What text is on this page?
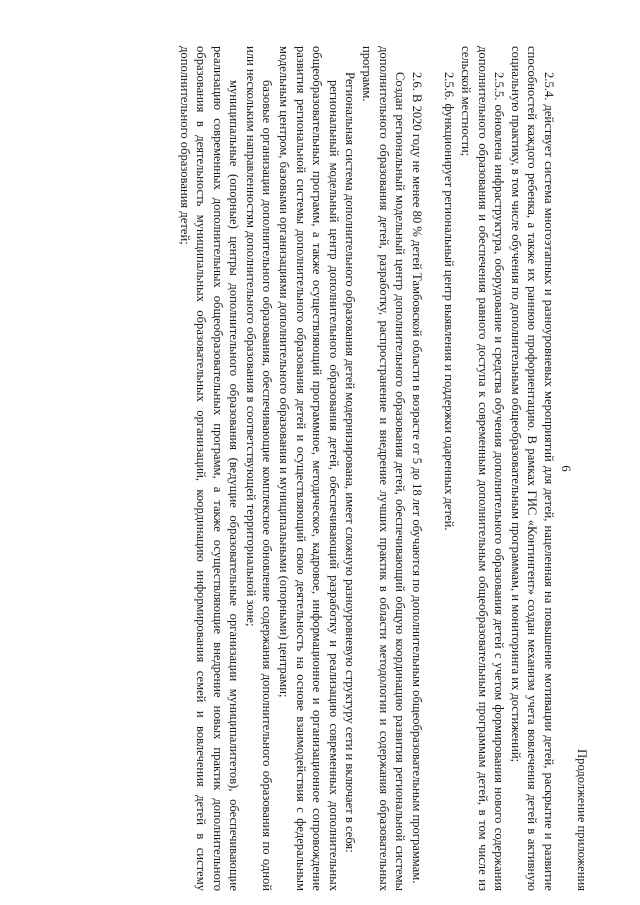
Продолжение приложения

6

2.5.4. действует система многоэтапных и разноуровневых мероприятий для детей, нацеленная на повышение мотивации детей, раскрытие и развитие способностей каждого ребенка, а также их раннюю профориентацию. В рамках ГИС «Контингент» создан механизм учета вовлечения детей в активную социальную практику, в том числе обучения по дополнительным общеобразовательным программам, и мониторинга их достижений;

2.5.5. обновлена инфраструктура, оборудование и средства обучения дополнительного образования детей с учетом формирования нового содержания дополнительного образования и обеспечения равного доступа к современным дополнительным общеобразовательным программам детей, в том числе из сельской местности;

2.5.6. функционирует региональный центр выявления и поддержки одаренных детей.

2.6. В 2020 году не менее 80 % детей Тамбовской области в возрасте от 5 до 18 лет обучаются по дополнительным общеобразовательным программам.

Создан региональный модельный центр дополнительного образования детей, обеспечивающий общую координацию развития региональной системы дополнительного образования детей, разработку, распространение и внедрение лучших практик в области методологии и содержания образовательных программ.

Региональная система дополнительного образования детей модернизирована, имеет сложную разноуровневую структуру сети и включает в себя:

региональный модельный центр дополнительного образования детей, обеспечивающий разработку и реализацию современных дополнительных общеобразовательных программ, а также осуществляющий программное, методическое, кадровое, информационное и организационное сопровождение развития региональной системы дополнительного образования детей и осуществляющий свою деятельность на основе взаимодействия с федеральным модельным центром, базовыми организациями дополнительного образования и муниципальными (опорными) центрами;

базовые организации дополнительного образования, обеспечивающие комплексное обновление содержания дополнительного образования по одной или нескольким направленностям дополнительного образования в соответствующей территориальной зоне;

муниципальные (опорные) центры дополнительного образования (ведущие образовательные организации муниципалитетов), обеспечивающие реализацию современных дополнительных общеобразовательных программ, а также осуществляющие внедрение новых практик дополнительного образования в деятельность муниципальных образовательных организаций, координацию информирования семей и вовлечения детей в систему дополнительного образования детей;
